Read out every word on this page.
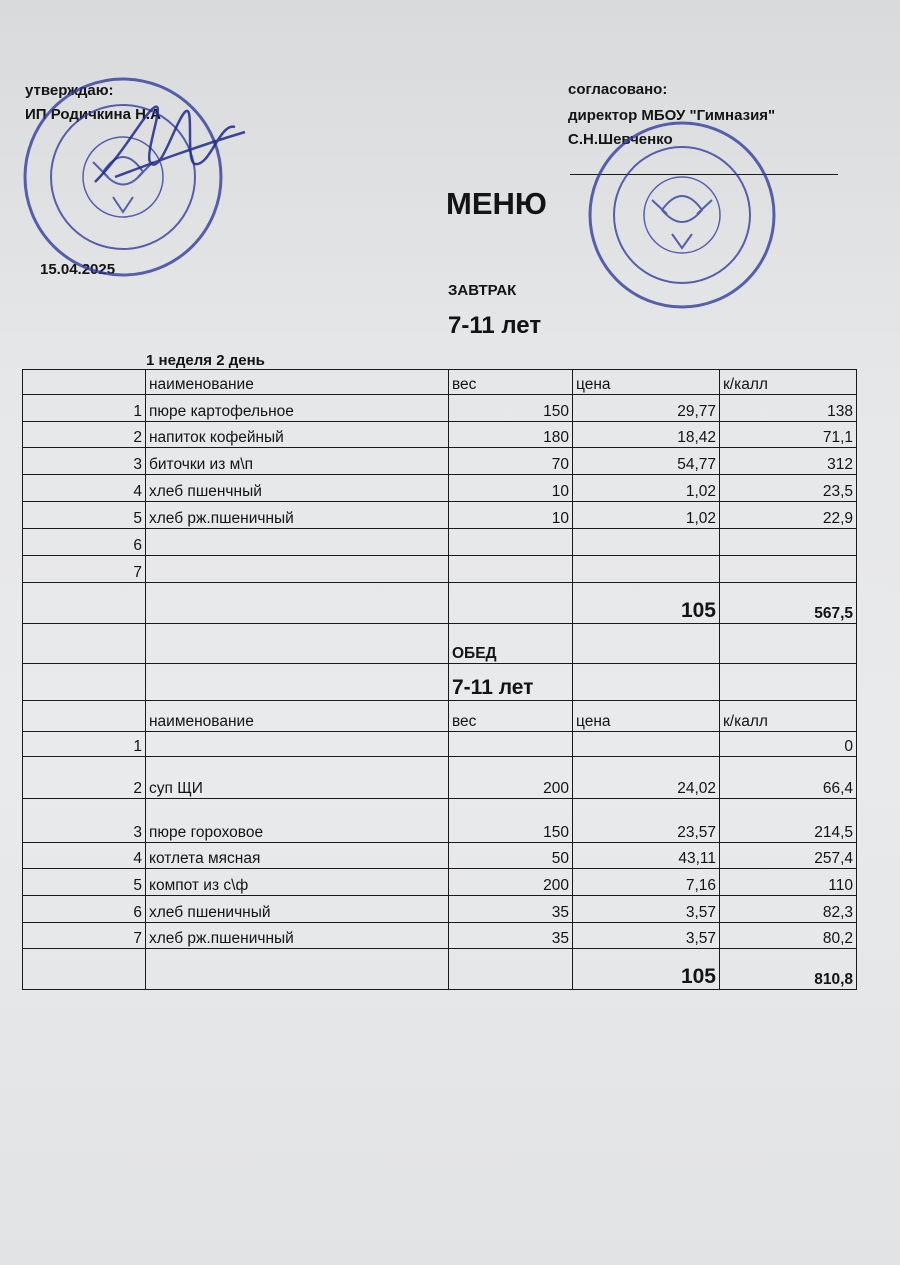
утверждаю:
ИП Родичкина Н.А
15.04.2025
согласовано:
директор МБОУ "Гимназия"
С.Н.Шевченко
МЕНЮ
ЗАВТРАК
7-11 лет
1 неделя 2 день
	наименование	вес	цена	к/калл
1	пюре картофельное	150	29,77	138
2	напиток кофейный	180	18,42	71,1
3	биточки из м\п	70	54,77	312
4	хлеб пшенчный	10	1,02	23,5
5	хлеб рж.пшеничный	10	1,02	22,9
6				
7				
			105	567,5
		ОБЕД		
		7-11 лет		
	наименование	вес	цена	к/калл
1				0
2	суп ЩИ	200	24,02	66,4
3	пюре гороховое	150	23,57	214,5
4	котлета мясная	50	43,11	257,4
5	компот из с\ф	200	7,16	110
6	хлеб пшеничный	35	3,57	82,3
7	хлеб рж.пшеничный	35	3,57	80,2
			105	810,8
